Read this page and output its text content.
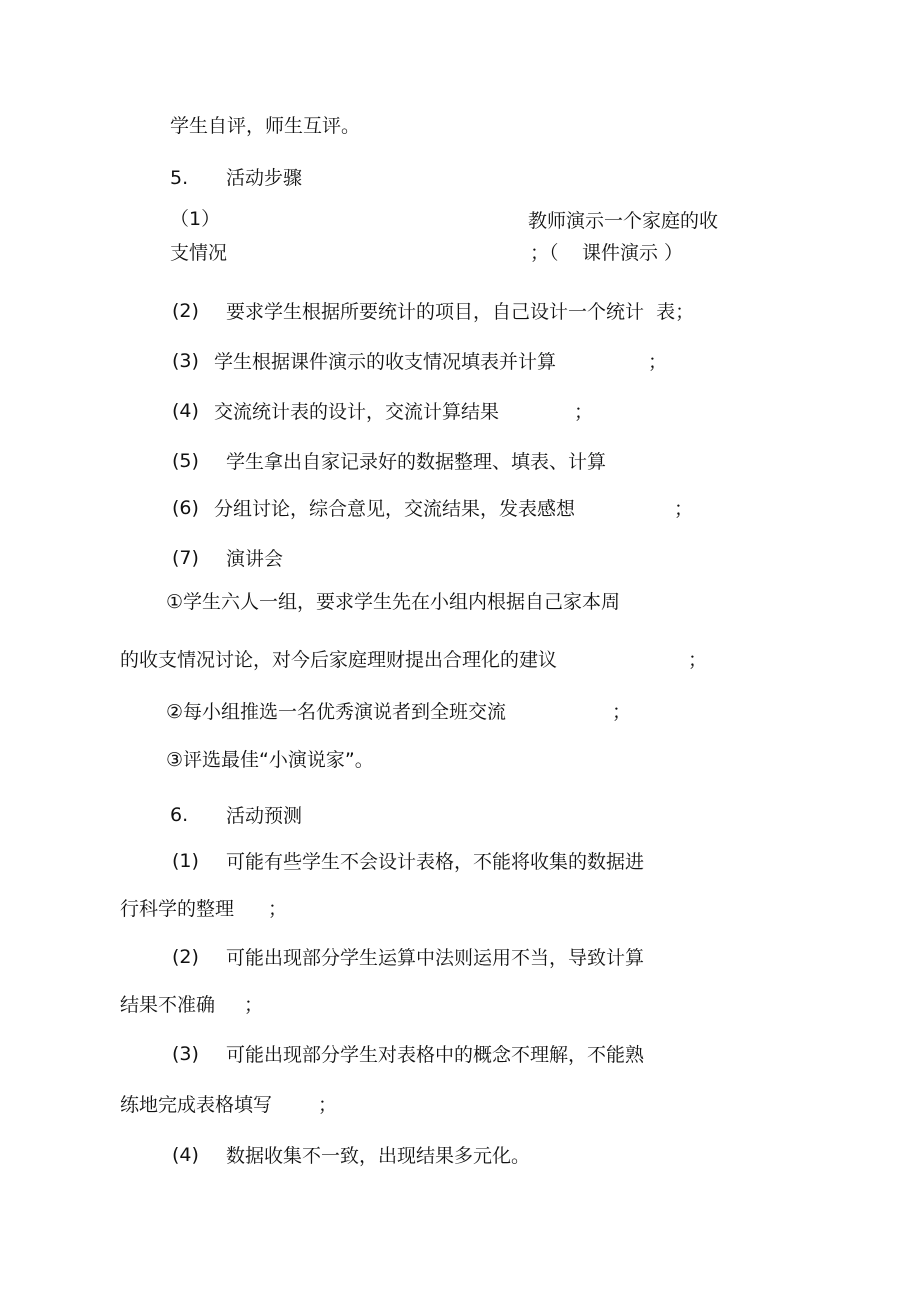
学生自评，师生互评。
5. 活动步骤
（1）	教师演示一个家庭的收
支情况	；（ 课件演示 ）
(2) 要求学生根据所要统计的项目，自己设计一个统计  表；
(3) 学生根据课件演示的收支情况填表并计算	；
(4) 交流统计表的设计，交流计算结果	；
(5) 学生拿出自家记录好的数据整理、填表、计算
(6) 分组讨论，综合意见，交流结果，发表感想	；
(7) 演讲会
①学生六人一组，要求学生先在小组内根据自己家本周
的收支情况讨论，对今后家庭理财提出合理化的建议	；
②每小组推选一名优秀演说者到全班交流	；
③评选最佳“小演说家”。
6. 活动预测
(1) 可能有些学生不会设计表格，不能将收集的数据进
行科学的整理 ；
(2) 可能出现部分学生运算中法则运用不当，导致计算
结果不准确 ；
(3) 可能出现部分学生对表格中的概念不理解，不能熟
练地完成表格填写 ；
(4) 数据收集不一致，出现结果多元化。
